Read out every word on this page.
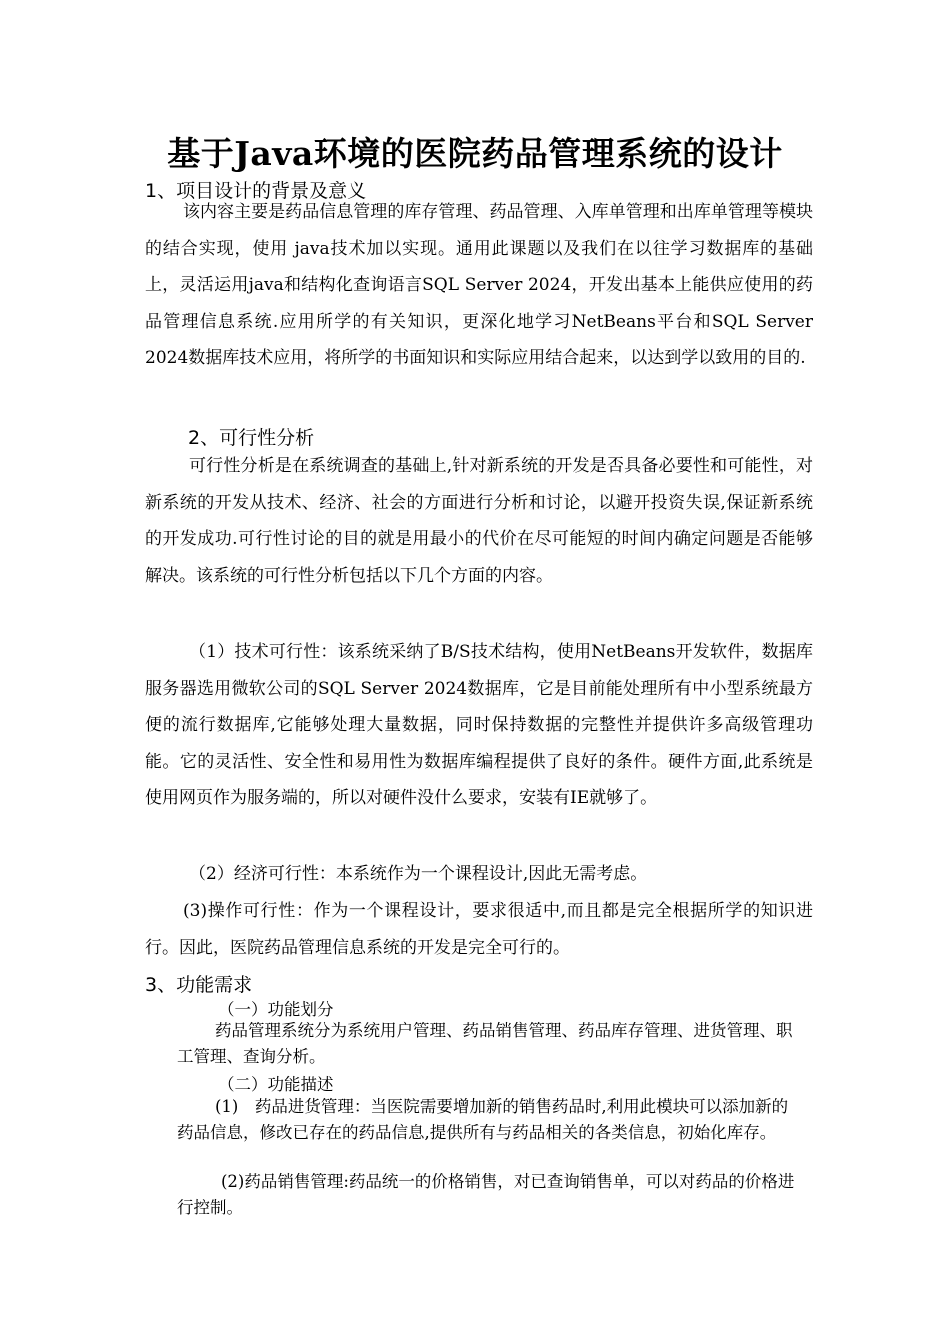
基于Java环境的医院药品管理系统的设计
1、项目设计的背景及意义
该内容主要是药品信息管理的库存管理、药品管理、入库单管理和出库单管理等模块的结合实现，使用 java技术加以实现。通用此课题以及我们在以往学习数据库的基础上，灵活运用java和结构化查询语言SQL Server 2024，开发出基本上能供应使用的药品管理信息系统.应用所学的有关知识，更深化地学习NetBeans平台和SQL Server 2024数据库技术应用，将所学的书面知识和实际应用结合起来，以达到学以致用的目的.
2、可行性分析
可行性分析是在系统调查的基础上,针对新系统的开发是否具备必要性和可能性，对新系统的开发从技术、经济、社会的方面进行分析和讨论，以避开投资失误,保证新系统的开发成功.可行性讨论的目的就是用最小的代价在尽可能短的时间内确定问题是否能够解决。该系统的可行性分析包括以下几个方面的内容。
（1）技术可行性：该系统采纳了B/S技术结构，使用NetBeans开发软件，数据库服务器选用微软公司的SQL Server 2024数据库，它是目前能处理所有中小型系统最方便的流行数据库,它能够处理大量数据，同时保持数据的完整性并提供许多高级管理功能。它的灵活性、安全性和易用性为数据库编程提供了良好的条件。硬件方面,此系统是使用网页作为服务端的，所以对硬件没什么要求，安装有IE就够了。
（2）经济可行性：本系统作为一个课程设计,因此无需考虑。
(3)操作可行性：作为一个课程设计，要求很适中,而且都是完全根据所学的知识进行。因此，医院药品管理信息系统的开发是完全可行的。
3、功能需求
（一）功能划分
药品管理系统分为系统用户管理、药品销售管理、药品库存管理、进货管理、职工管理、查询分析。
（二）功能描述
(1)　药品进货管理：当医院需要增加新的销售药品时,利用此模块可以添加新的药品信息，修改已存在的药品信息,提供所有与药品相关的各类信息，初始化库存。
(2)药品销售管理:药品统一的价格销售，对已查询销售单，可以对药品的价格进行控制。
